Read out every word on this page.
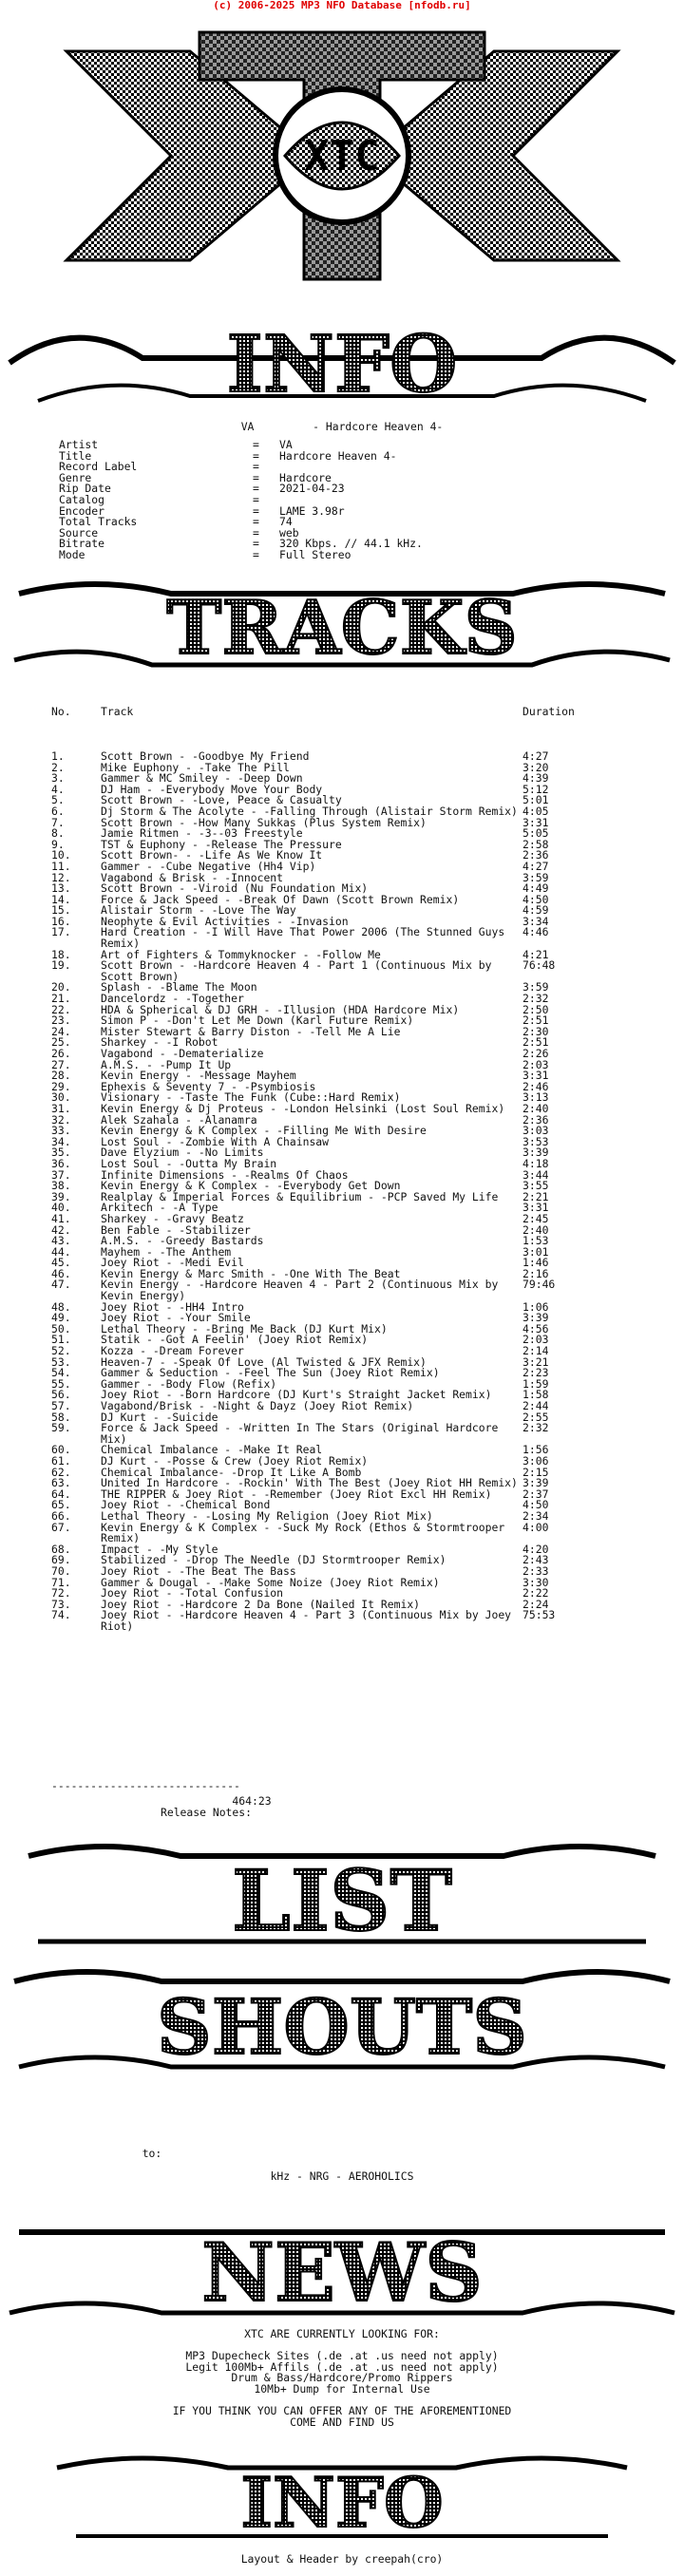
(c) 2006-2025 MP3 NFO Database [nfodb.ru]
XTC
INFO
VA         - Hardcore Heaven 4-
Artist	=	VA
Title	=	Hardcore Heaven 4-
Record Label	=
Genre	=	Hardcore
Rip Date	=	2021-04-23
Catalog	=
Encoder	=	LAME 3.98r
Total Tracks	=	74
Source	=	web
Bitrate	=	320 Kbps. // 44.1 kHz.
Mode	=	Full Stereo
TRACKS

No.	Track	Duration

1.	Scott Brown - -Goodbye My Friend	4:27
2.	Mike Euphony - -Take The Pill	3:20
3.	Gammer & MC Smiley - -Deep Down	4:39
4.	DJ Ham - -Everybody Move Your Body	5:12
5.	Scott Brown - -Love, Peace & Casualty	5:01
6.	Dj Storm & The Acolyte - -Falling Through (Alistair Storm Remix) 4:05
7.	Scott Brown - -How Many Sukkas (Plus System Remix)	3:31
8.	Jamie Ritmen - -3--03 Freestyle	5:05
9.	TST & Euphony - -Release The Pressure	2:58
10.	Scott Brown- - -Life As We Know It	2:36
11.	Gammer - -Cube Negative (Hh4 Vip)	4:27
12.	Vagabond & Brisk - -Innocent	3:59
13.	Scott Brown - -Viroid (Nu Foundation Mix)	4:49
14.	Force & Jack Speed - -Break Of Dawn (Scott Brown Remix)	4:50
15.	Alistair Storm - -Love The Way	4:59
16.	Neophyte & Evil Activities - -Invasion	3:34
17.	Hard Creation - -I Will Have That Power 2006 (The Stunned Guys Remix)
4:46
18.	Art of Fighters & Tommyknocker - -Follow Me	4:21
19.	Scott Brown - -Hardcore Heaven 4 - Part 1 (Continuous Mix by Scott Brown)
76:48
20.	Splash - -Blame The Moon	3:59
21.	Dancelordz - -Together	2:32
22.	HDA & Spherical & DJ GRH - -Illusion (HDA Hardcore Mix)	2:50
23.	Simon P - -Don't Let Me Down (Karl Future Remix)	2:51
24.	Mister Stewart & Barry Diston - -Tell Me A Lie	2:30
25.	Sharkey - -I Robot	2:51
26.	Vagabond - -Dematerialize	2:26
27.	A.M.S. - -Pump It Up	2:03
28.	Kevin Energy - -Message Mayhem	3:31
29.	Ephexis & Seventy 7 - -Psymbiosis	2:46
30.	Visionary - -Taste The Funk (Cube::Hard Remix)	3:13
31.	Kevin Energy & Dj Proteus - -London Helsinki (Lost Soul Remix)	2:40
32.	Alek Szahala - -Alanamra	2:36
33.	Kevin Energy & K Complex - -Filling Me With Desire	3:03
34.	Lost Soul - -Zombie With A Chainsaw	3:53
35.	Dave Elyzium - -No Limits	3:39
36.	Lost Soul - -Outta My Brain	4:18
37.	Infinite Dimensions - -Realms Of Chaos	3:44
38.	Kevin Energy & K Complex - -Everybody Get Down	3:55
39.	Realplay & Imperial Forces & Equilibrium - -PCP Saved My Life	2:21
40.	Arkitech - -A Type	3:31
41.	Sharkey - -Gravy Beatz	2:45
42.	Ben Fable - -Stabilizer	2:40
43.	A.M.S. - -Greedy Bastards	1:53
44.	Mayhem - -The Anthem	3:01
45.	Joey Riot - -Medi Evil	1:46
46.	Kevin Energy & Marc Smith - -One With The Beat	2:16
47.	Kevin Energy - -Hardcore Heaven 4 - Part 2 (Continuous Mix by Kevin Energy)
79:46
48.	Joey Riot - -HH4 Intro	1:06
49.	Joey Riot - -Your Smile	3:39
50.	Lethal Theory - -Bring Me Back (DJ Kurt Mix)	4:56
51.	Statik - -Got A Feelin' (Joey Riot Remix)	2:03
52.	Kozza - -Dream Forever	2:14
53.	Heaven-7 - -Speak Of Love (Al Twisted & JFX Remix)	3:21
54.	Gammer & Seduction - -Feel The Sun (Joey Riot Remix)	2:23
55.	Gammer - -Body Flow (Refix)	1:59
56.	Joey Riot - -Born Hardcore (DJ Kurt's Straight Jacket Remix)	1:58
57.	Vagabond/Brisk - -Night & Dayz (Joey Riot Remix)	2:44
58.	DJ Kurt - -Suicide	2:55
59.	Force & Jack Speed - -Written In The Stars (Original Hardcore Mix)
2:32
60.	Chemical Imbalance - -Make It Real	1:56
61.	DJ Kurt - -Posse & Crew (Joey Riot Remix)	3:06
62.	Chemical Imbalance- -Drop It Like A Bomb	2:15
63.	United In Hardcore - -Rockin' With The Best (Joey Riot HH Remix) 3:39
64.	THE RIPPER & Joey Riot - -Remember (Joey Riot Excl HH Remix)	2:37
65.	Joey Riot - -Chemical Bond	4:50
66.	Lethal Theory - -Losing My Religion (Joey Riot Mix)	2:34
67.	Kevin Energy & K Complex - -Suck My Rock (Ethos & Stormtrooper Remix)
4:00
68.	Impact - -My Style	4:20
69.	Stabilized - -Drop The Needle (DJ Stormtrooper Remix)	2:43
70.	Joey Riot - -The Beat The Bass	2:33
71.	Gammer & Dougal - -Make Some Noize (Joey Riot Remix)	3:30
72.	Joey Riot - -Total Confusion	2:22
73.	Joey Riot - -Hardcore 2 Da Bone (Nailed It Remix)	2:24
74.	Joey Riot - -Hardcore Heaven 4 - Part 3 (Continuous Mix by Joey Riot)
75:53

-----------------------------
464:23
Release Notes:
LIST
SHOUTS
to:
kHz - NRG - AEROHOLICS
NEWS
XTC ARE CURRENTLY LOOKING FOR:
MP3 Dupecheck Sites (.de .at .us need not apply)
Legit 100Mb+ Affils (.de .at .us need not apply)
Drum & Bass/Hardcore/Promo Rippers
10Mb+ Dump for Internal Use
IF YOU THINK YOU CAN OFFER ANY OF THE AFOREMENTIONED
COME AND FIND US
INFO
Layout & Header by creepah(cro)
